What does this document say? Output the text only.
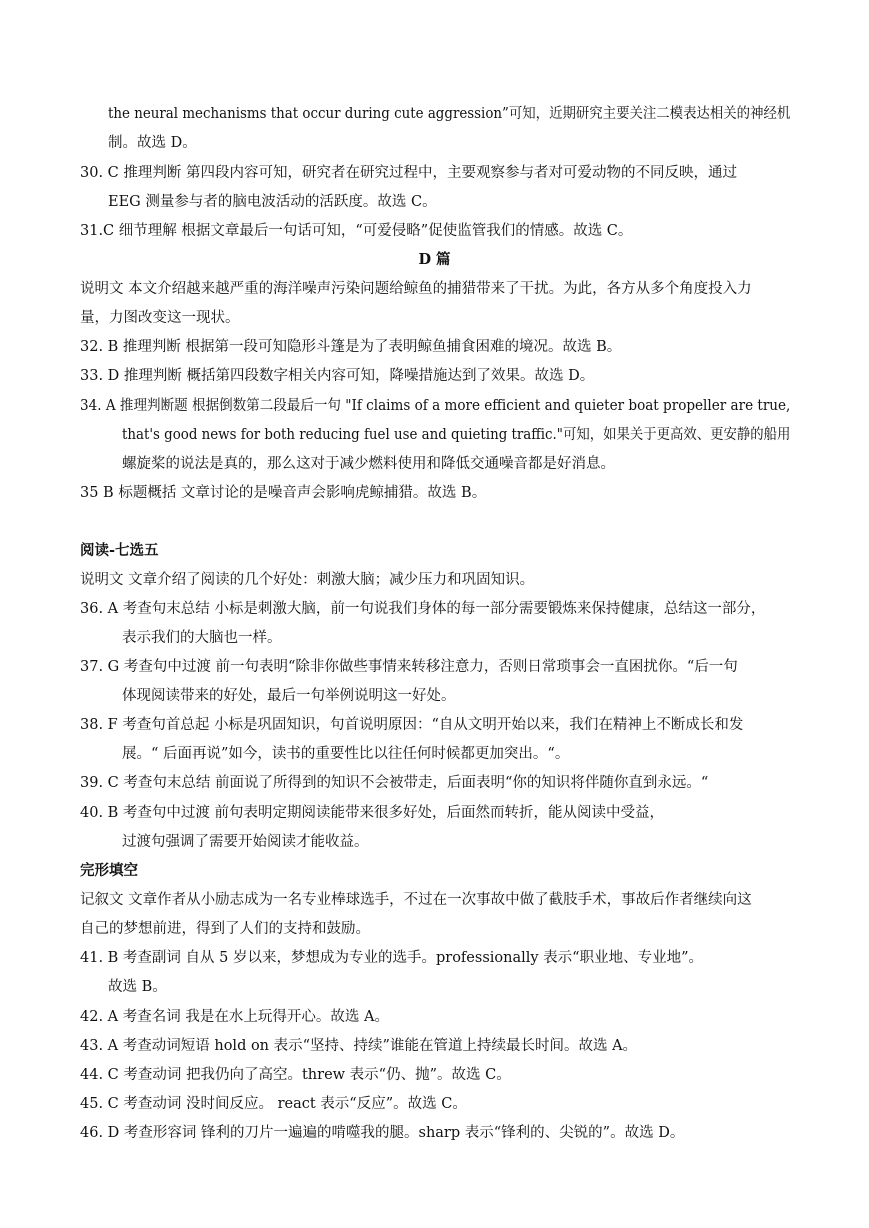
the neural mechanisms that occur during cute aggression”可知，近期研究主要关注二模表达相关的神经机
制。故选 D。
30. C 推理判断 第四段内容可知，研究者在研究过程中，主要观察参与者对可爱动物的不同反映，通过
EEG 测量参与者的脑电波活动的活跃度。故选 C。
31.C 细节理解 根据文章最后一句话可知，“可爱侵略”促使监管我们的情感。故选 C。
D 篇
说明文 本文介绍越来越严重的海洋噪声污染问题给鲸鱼的捕猎带来了干扰。为此，各方从多个角度投入力
量，力图改变这一现状。
32. B 推理判断 根据第一段可知隐形斗篷是为了表明鲸鱼捕食困难的境况。故选 B。
33. D 推理判断 概括第四段数字相关内容可知，降噪措施达到了效果。故选 D。
34. A 推理判断题 根据倒数第二段最后一句 "If claims of a more efficient and quieter boat propeller are true,
that's good news for both reducing fuel use and quieting traffic."可知，如果关于更高效、更安静的船用
螺旋桨的说法是真的，那么这对于减少燃料使用和降低交通噪音都是好消息。
35 B 标题概括 文章讨论的是噪音声会影响虎鲸捕猎。故选 B。
阅读-七选五
说明文 文章介绍了阅读的几个好处：刺激大脑；减少压力和巩固知识。
36. A 考查句末总结 小标是刺激大脑，前一句说我们身体的每一部分需要锻炼来保持健康，总结这一部分，
表示我们的大脑也一样。
37. G 考查句中过渡 前一句表明“除非你做些事情来转移注意力，否则日常琐事会一直困扰你。“后一句
体现阅读带来的好处，最后一句举例说明这一好处。
38. F 考查句首总起 小标是巩固知识，句首说明原因：“自从文明开始以来，我们在精神上不断成长和发
展。“ 后面再说”如今，读书的重要性比以往任何时候都更加突出。“。
39. C 考查句末总结 前面说了所得到的知识不会被带走，后面表明“你的知识将伴随你直到永远。“
40. B 考查句中过渡 前句表明定期阅读能带来很多好处，后面然而转折，能从阅读中受益，
过渡句强调了需要开始阅读才能收益。
完形填空
记叙文 文章作者从小励志成为一名专业棒球选手，不过在一次事故中做了截肢手术，事故后作者继续向这
自己的梦想前进，得到了人们的支持和鼓励。
41. B 考查副词 自从 5 岁以来，梦想成为专业的选手。professionally 表示“职业地、专业地”。
故选 B。
42. A 考查名词 我是在水上玩得开心。故选 A。
43. A 考查动词短语 hold on 表示“坚持、持续”谁能在管道上持续最长时间。故选 A。
44. C 考查动词 把我仍向了高空。threw 表示“仍、抛”。故选 C。
45. C 考查动词 没时间反应。 react 表示“反应”。故选 C。
46. D 考查形容词 锋利的刀片一遍遍的啃噬我的腿。sharp 表示“锋利的、尖锐的”。故选 D。
